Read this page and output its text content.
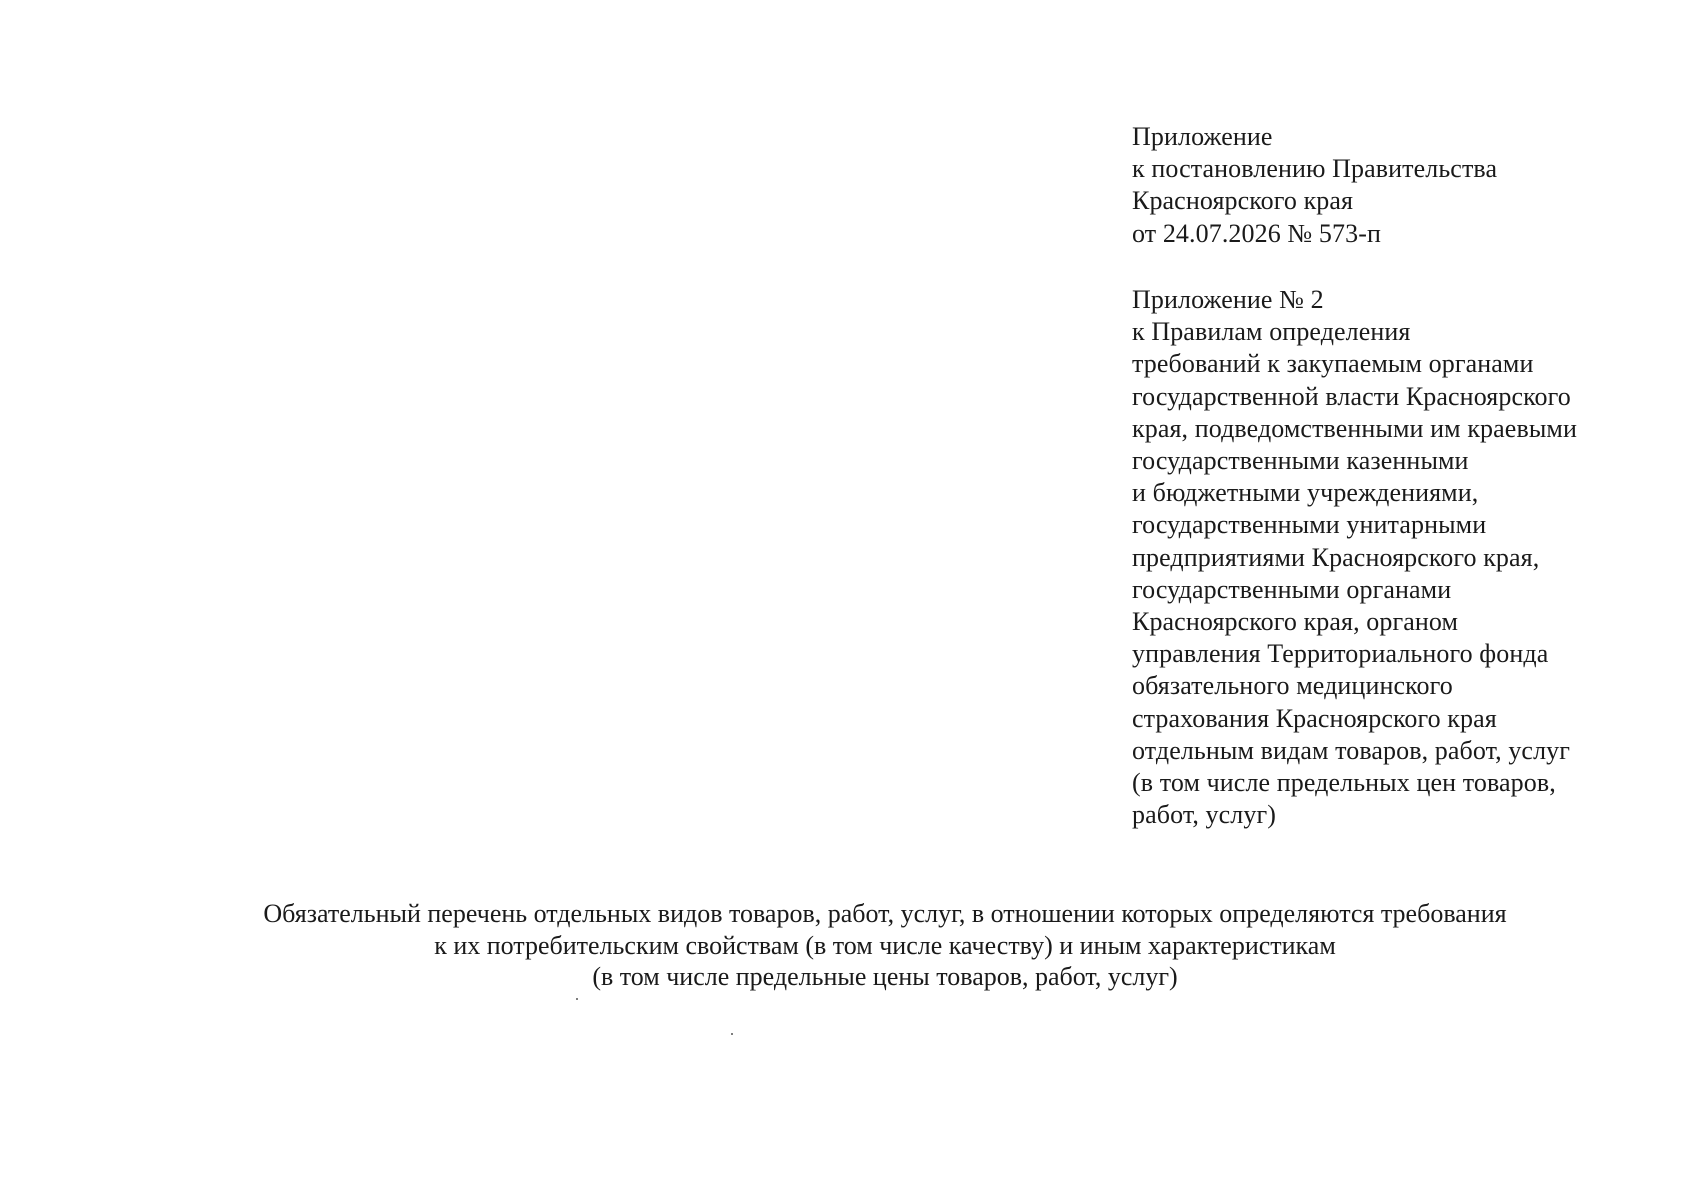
Приложение
к постановлению Правительства
Красноярского края
от 24.07.2026 № 573-п
Приложение № 2
к Правилам определения
требований к закупаемым органами
государственной власти Красноярского
края, подведомственными им краевыми
государственными казенными
и бюджетными учреждениями,
государственными унитарными
предприятиями Красноярского края,
государственными органами
Красноярского края, органом
управления Территориального фонда
обязательного медицинского
страхования Красноярского края
отдельным видам товаров, работ, услуг
(в том числе предельных цен товаров,
работ, услуг)
Обязательный перечень отдельных видов товаров, работ, услуг, в отношении которых определяются требования
к их потребительским свойствам (в том числе качеству) и иным характеристикам
(в том числе предельные цены товаров, работ, услуг)
